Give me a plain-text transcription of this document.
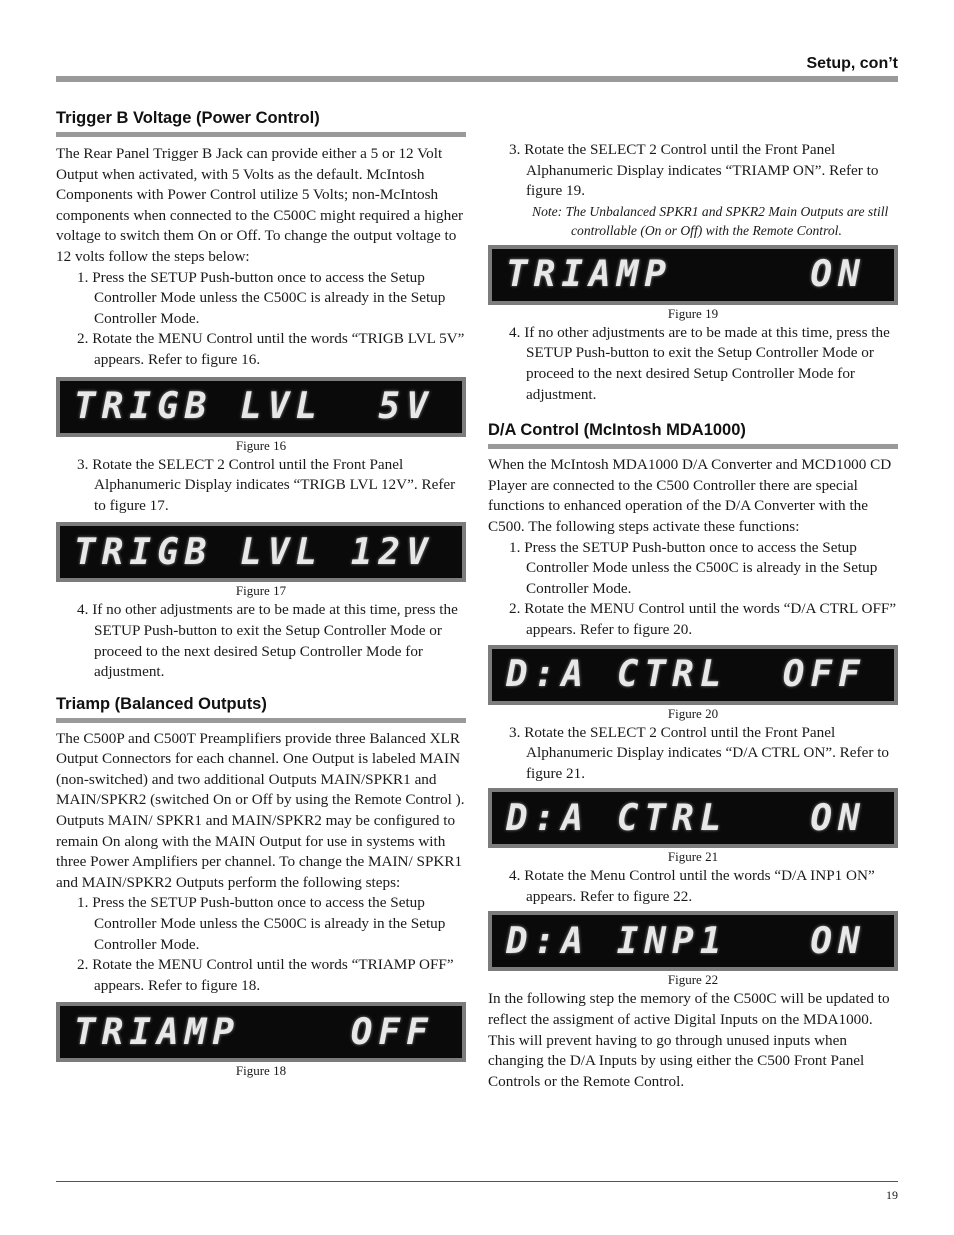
Setup, con’t
Trigger B Voltage (Power Control)

The Rear Panel Trigger B Jack can provide either a 5 or 12 Volt Output when activated, with 5 Volts as the default. McIntosh Components with Power Control utilize 5 Volts; non-McIntosh components when connected to the C500C might required a higher voltage to switch them On or Off. To change the output voltage to 12 volts follow the steps below:

1. Press the SETUP Push-button once to access the Setup Controller Mode unless the C500C is already in the Setup Controller Mode.
2. Rotate the MENU Control until the words “TRIGB LVL 5V” appears. Refer to figure 16.
TRIGB LVL  5V
Figure 16
3. Rotate the SELECT 2 Control until the Front Panel Alphanumeric Display indicates “TRIGB LVL 12V”. Refer to figure 17.
TRIGB LVL 12V
Figure 17
4. If no other adjustments are to be made at this time, press the SETUP Push-button to exit the Setup Controller Mode or proceed to the next desired Setup Controller Mode for adjustment.
Triamp (Balanced Outputs)

The C500P and C500T Preamplifiers provide three Balanced XLR Output Connectors for each channel. One Output is labeled MAIN (non-switched) and two additional Outputs MAIN/SPKR1 and MAIN/SPKR2 (switched On or Off by using the Remote Control ). Outputs MAIN/ SPKR1 and MAIN/SPKR2 may be configured to remain On along with the MAIN Output for use in systems with three Power Amplifiers per channel. To change the MAIN/ SPKR1 and MAIN/SPKR2 Outputs perform the following steps:

1. Press the SETUP Push-button once to access the Setup Controller Mode unless the C500C is already in the Setup Controller Mode.
2. Rotate the MENU Control until the words “TRIAMP OFF” appears. Refer to figure 18.
TRIAMP    OFF
Figure 18
3. Rotate the SELECT 2 Control until the Front Panel Alphanumeric Display indicates “TRIAMP ON”. Refer to figure 19.

Note: The Unbalanced SPKR1 and SPKR2 Main Outputs are still controllable (On or Off) with the Remote Control.

TRIAMP     ON
Figure 19
4. If no other adjustments are to be made at this time, press the SETUP Push-button to exit the Setup Controller Mode or proceed to the next desired Setup Controller Mode for adjustment.
D/A Control (McIntosh MDA1000)

When the McIntosh MDA1000 D/A Converter and MCD1000 CD Player are connected to the C500 Controller there are special functions to enhanced operation of the D/A Converter with the C500. The following steps activate these functions:

1. Press the SETUP Push-button once to access the Setup Controller Mode unless the C500C is already in the Setup Controller Mode.
2. Rotate the MENU Control until the words “D/A CTRL OFF” appears. Refer to figure 20.
D:A CTRL  OFF
Figure 20
3. Rotate the SELECT 2 Control until the Front Panel Alphanumeric Display indicates “D/A CTRL ON”. Refer to figure 21.
D:A CTRL   ON
Figure 21
4. Rotate the Menu Control until the words “D/A INP1 ON” appears. Refer to figure 22.
D:A INP1   ON
Figure 22

In the following step the memory of the C500C will be updated to reflect the assigment of active Digital Inputs on the MDA1000. This will prevent having to go through unused inputs when changing the D/A Inputs by using either the C500 Front Panel Controls or the Remote Control.

19
